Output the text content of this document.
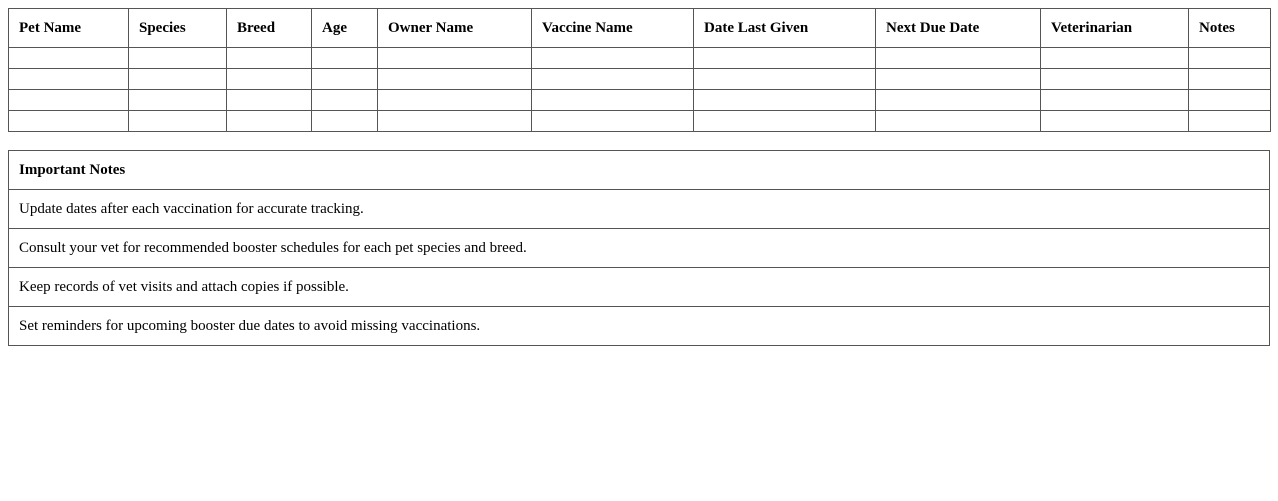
Pet Name	Species	Breed	Age	Owner Name	Vaccine Name	Date Last Given	Next Due Date	Veterinarian	Notes

Important Notes
Update dates after each vaccination for accurate tracking.
Consult your vet for recommended booster schedules for each pet species and breed.
Keep records of vet visits and attach copies if possible.
Set reminders for upcoming booster due dates to avoid missing vaccinations.
